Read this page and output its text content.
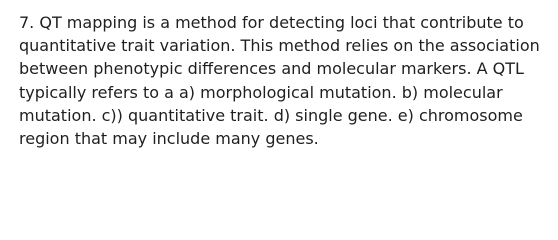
7. QT mapping is a method for detecting loci that contribute to
quantitative trait variation. This method relies on the association
between phenotypic differences and molecular markers. A QTL
typically refers to a a) morphological mutation. b) molecular
mutation. c)) quantitative trait. d) single gene. e) chromosome
region that may include many genes.
